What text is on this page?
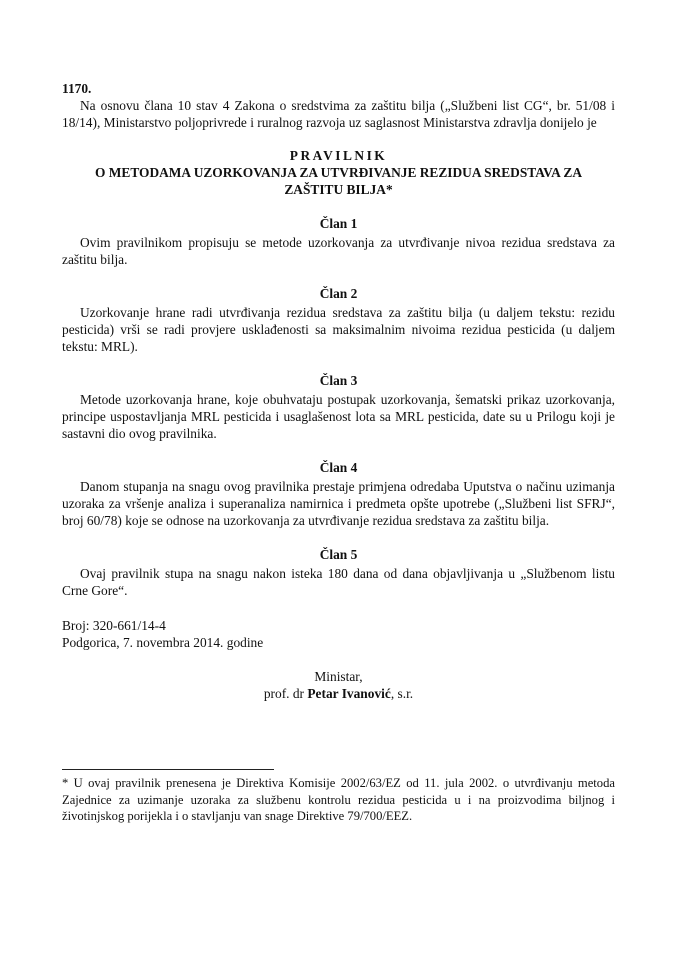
1170.

Na osnovu člana 10 stav 4 Zakona o sredstvima za zaštitu bilja („Službeni list CG“, br. 51/08 i 18/14), Ministarstvo poljoprivrede i ruralnog razvoja uz saglasnost Ministarstva zdravlja donijelo je

PRAVILNIK

O METODAMA UZORKOVANJA ZA UTVRĐIVANJE REZIDUA SREDSTAVA ZA ZAŠTITU BILJA*

Član 1

Ovim pravilnikom propisuju se metode uzorkovanja za utvrđivanje nivoa rezidua sredstava za zaštitu bilja.

Član 2

Uzorkovanje hrane radi utvrđivanja rezidua sredstava za zaštitu bilja (u daljem tekstu: rezidu pesticida) vrši se radi provjere usklađenosti sa maksimalnim nivoima rezidua pesticida (u daljem tekstu: MRL).

Član 3

Metode uzorkovanja hrane, koje obuhvataju postupak uzorkovanja, šematski prikaz uzorkovanja, principe uspostavljanja MRL pesticida i usaglašenost lota sa MRL pesticida, date su u Prilogu koji je sastavni dio ovog pravilnika.

Član 4

Danom stupanja na snagu ovog pravilnika prestaje primjena odredaba Uputstva o načinu uzimanja uzoraka za vršenje analiza i superanaliza namirnica i predmeta opšte upotrebe („Službeni list SFRJ“, broj 60/78) koje se odnose na uzorkovanja za utvrđivanje rezidua sredstava za zaštitu bilja.

Član 5

Ovaj pravilnik stupa na snagu nakon isteka 180 dana od dana objavljivanja u „Službenom listu Crne Gore“.

Broj: 320-661/14-4

Podgorica, 7. novembra 2014. godine

Ministar,

prof. dr Petar Ivanović, s.r.

* U ovaj pravilnik prenesena je Direktiva Komisije 2002/63/EZ od 11. jula 2002. o utvrđivanju metoda Zajednice za uzimanje uzoraka za službenu kontrolu rezidua pesticida u i na proizvodima biljnog i životinjskog porijekla i o stavljanju van snage Direktive 79/700/EEZ.
